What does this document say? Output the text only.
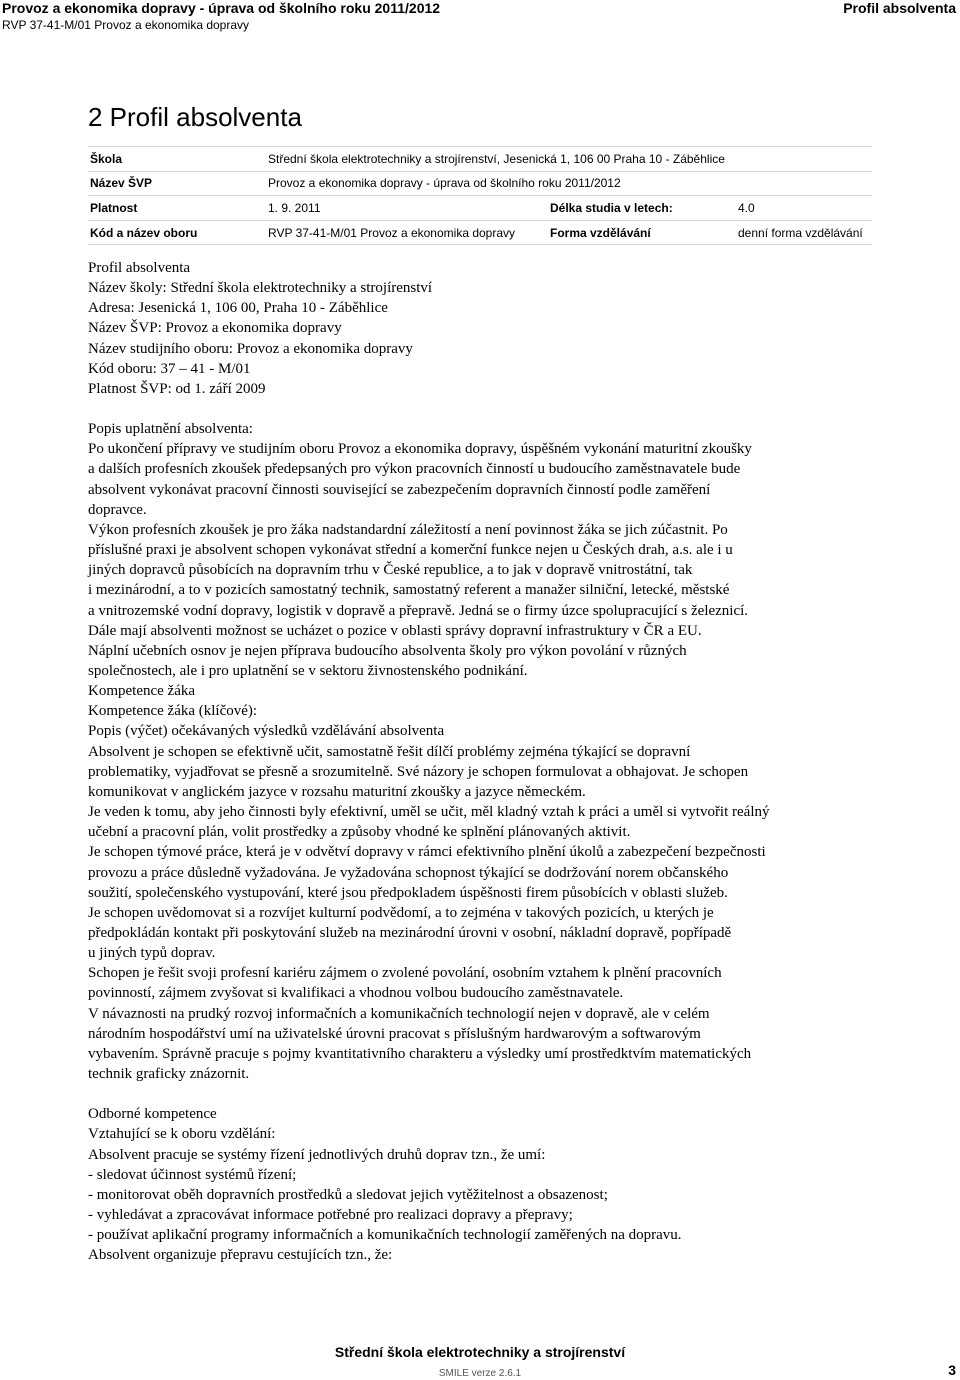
Provoz a ekonomika dopravy - úprava od školního roku 2011/2012
RVP 37-41-M/01 Provoz a ekonomika dopravy
Profil absolventa
2 Profil absolventa
Škola	Střední škola elektrotechniky a strojírenství, Jesenická 1, 106 00 Praha 10 - Záběhlice		
Název ŠVP	Provoz a ekonomika dopravy - úprava od školního roku 2011/2012		
Platnost	1. 9. 2011	Délka studia v letech:	4.0
Kód a název oboru	RVP 37-41-M/01 Provoz a ekonomika dopravy	Forma vzdělávání	denní forma vzdělávání

Profil absolventa

Název školy: Střední škola elektrotechniky a strojírenství

Adresa: Jesenická 1, 106 00, Praha 10 - Záběhlice

Název ŠVP: Provoz a ekonomika dopravy

Název studijního oboru: Provoz a ekonomika dopravy

Kód oboru: 37 – 41 - M/01

Platnost ŠVP: od 1. září 2009

Popis uplatnění absolventa:

Po ukončení přípravy ve studijním oboru Provoz a ekonomika dopravy, úspěšném vykonání maturitní zkoušky

a dalších profesních zkoušek předepsaných pro výkon pracovních činností u budoucího zaměstnavatele bude

absolvent vykonávat pracovní činnosti související se zabezpečením dopravních činností podle zaměření

dopravce.

Výkon profesních zkoušek je pro žáka nadstandardní záležitostí a není povinnost žáka se jich zúčastnit. Po

příslušné praxi je absolvent schopen vykonávat střední a komerční funkce nejen u Českých drah, a.s. ale i u

jiných dopravců působících na dopravním trhu v České republice, a to jak v dopravě vnitrostátní, tak

i mezinárodní, a to v pozicích samostatný technik, samostatný referent a manažer silniční, letecké, městské

a vnitrozemské vodní dopravy, logistik v dopravě a přepravě. Jedná se o firmy úzce spolupracující s železnicí.

Dále mají absolventi možnost se ucházet o pozice v oblasti správy dopravní infrastruktury v ČR a EU.

Náplní učebních osnov je nejen příprava budoucího absolventa školy pro výkon povolání v různých

společnostech, ale i pro uplatnění se v sektoru živnostenského podnikání.

Kompetence žáka

Kompetence žáka (klíčové):

Popis (výčet) očekávaných výsledků vzdělávání absolventa

Absolvent je schopen se efektivně učit, samostatně řešit dílčí problémy zejména týkající se dopravní

problematiky, vyjadřovat se přesně a srozumitelně. Své názory je schopen formulovat a obhajovat. Je schopen

komunikovat v anglickém jazyce v rozsahu maturitní zkoušky a jazyce německém.

Je veden k tomu, aby jeho činnosti byly efektivní, uměl se učit, měl kladný vztah k práci a uměl si vytvořit reálný

učební a pracovní plán, volit prostředky a způsoby vhodné ke splnění plánovaných aktivit.

Je schopen týmové práce, která je v odvětví dopravy v rámci efektivního plnění úkolů a zabezpečení bezpečnosti

provozu a práce důsledně vyžadována. Je vyžadována schopnost týkající se dodržování norem občanského

soužití, společenského vystupování, které jsou předpokladem úspěšnosti firem působících v oblasti služeb.

Je schopen uvědomovat si a rozvíjet kulturní podvědomí, a to zejména v takových pozicích, u kterých je

předpokládán kontakt při poskytování služeb na mezinárodní úrovni v osobní, nákladní dopravě, popřípadě

u jiných typů doprav.

Schopen je řešit svoji profesní kariéru zájmem o zvolené povolání, osobním vztahem k plnění pracovních

povinností, zájmem zvyšovat si kvalifikaci a vhodnou volbou budoucího zaměstnavatele.

V návaznosti na prudký rozvoj informačních a komunikačních technologií nejen v dopravě, ale v celém

národním hospodářství umí na uživatelské úrovni pracovat s příslušným hardwarovým a softwarovým

vybavením. Správně pracuje s pojmy kvantitativního charakteru a výsledky umí prostředktvím matematických

technik graficky znázornit.

Odborné kompetence

Vztahující se k oboru vzdělání:

Absolvent pracuje se systémy řízení jednotlivých druhů doprav tzn., že umí:

- sledovat účinnost systémů řízení;

- monitorovat oběh dopravních prostředků a sledovat jejich vytěžitelnost a obsazenost;

- vyhledávat a zpracovávat informace potřebné pro realizaci dopravy a přepravy;

- používat aplikační programy informačních a komunikačních technologií zaměřených na dopravu.

Absolvent organizuje přepravu cestujících tzn., že:

Střední škola elektrotechniky a strojírenství
SMILE verze 2.6.1	3
